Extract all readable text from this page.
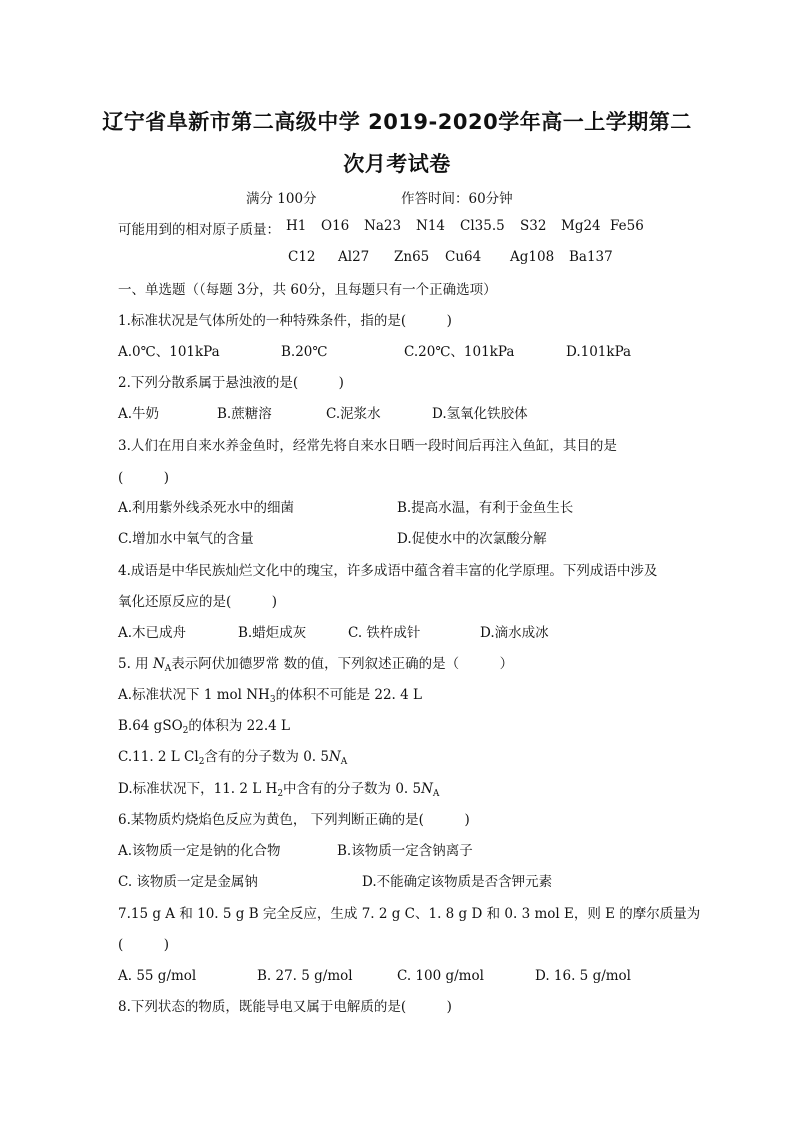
辽宁省阜新市第二高级中学 2019-2020学年高一上学期第二
次月考试卷
满分 100分	作答时间：60分钟
可能用到的相对原子质量： H1 O16 Na23 N14 Cl35.5 S32 Mg24 Fe56
C12 Al27 Zn65 Cu64 Ag108 Ba137
一、单选题（（每题 3分，共 60分，且每题只有一个正确选项）
1.标准状况是气体所处的一种特殊条件，指的是(　　　)
A.0℃、101kPa	B.20℃	C.20℃、101kPa	D.101kPa
2.下列分散系属于悬浊液的是(　　　)
A.牛奶	B.蔗糖溶	C.泥浆水	D.氢氧化铁胶体
3.人们在用自来水养金鱼时，经常先将自来水日晒一段时间后再注入鱼缸，其目的是
(　　　)
A.利用紫外线杀死水中的细菌	B.提高水温，有利于金鱼生长
C.增加水中氧气的含量	D.促使水中的次氯酸分解
4.成语是中华民族灿烂文化中的瑰宝，许多成语中蕴含着丰富的化学原理。下列成语中涉及
氧化还原反应的是(　　　)
A.木已成舟	B.蜡炬成灰	C. 铁杵成针	D.滴水成冰
5. 用 $N_A$表示阿伏加德罗常 数的值，下列叙述正确的是（　　　）
A.标准状况下 1 mol $NH_3$的体积不可能是 22. 4 L
B.64 gSO$_2$的体积为 22.4 L
C.11. 2 L $Cl_2$含有的分子数为 0. $5N_A$
D.标准状况下，11. 2 L $H_2$中含有的分子数为 0. $5N_A$
6.某物质灼烧焰色反应为黄色， 下列判断正确的是(　　　)
A.该物质一定是钠的化合物	B.该物质一定含钠离子
C. 该物质一定是金属钠	D.不能确定该物质是否含钾元素
7.15 g A 和 10. 5 g B 完全反应，生成 7. 2 g C、1. 8 g D 和 0. 3 mol E，则 E 的摩尔质量为
(　　　)
A. 55 g/mol	B. 27. 5 g/mol	C. 100 g/mol	D. 16. 5 g/mol
8.下列状态的物质，既能导电又属于电解质的是(　　　)
